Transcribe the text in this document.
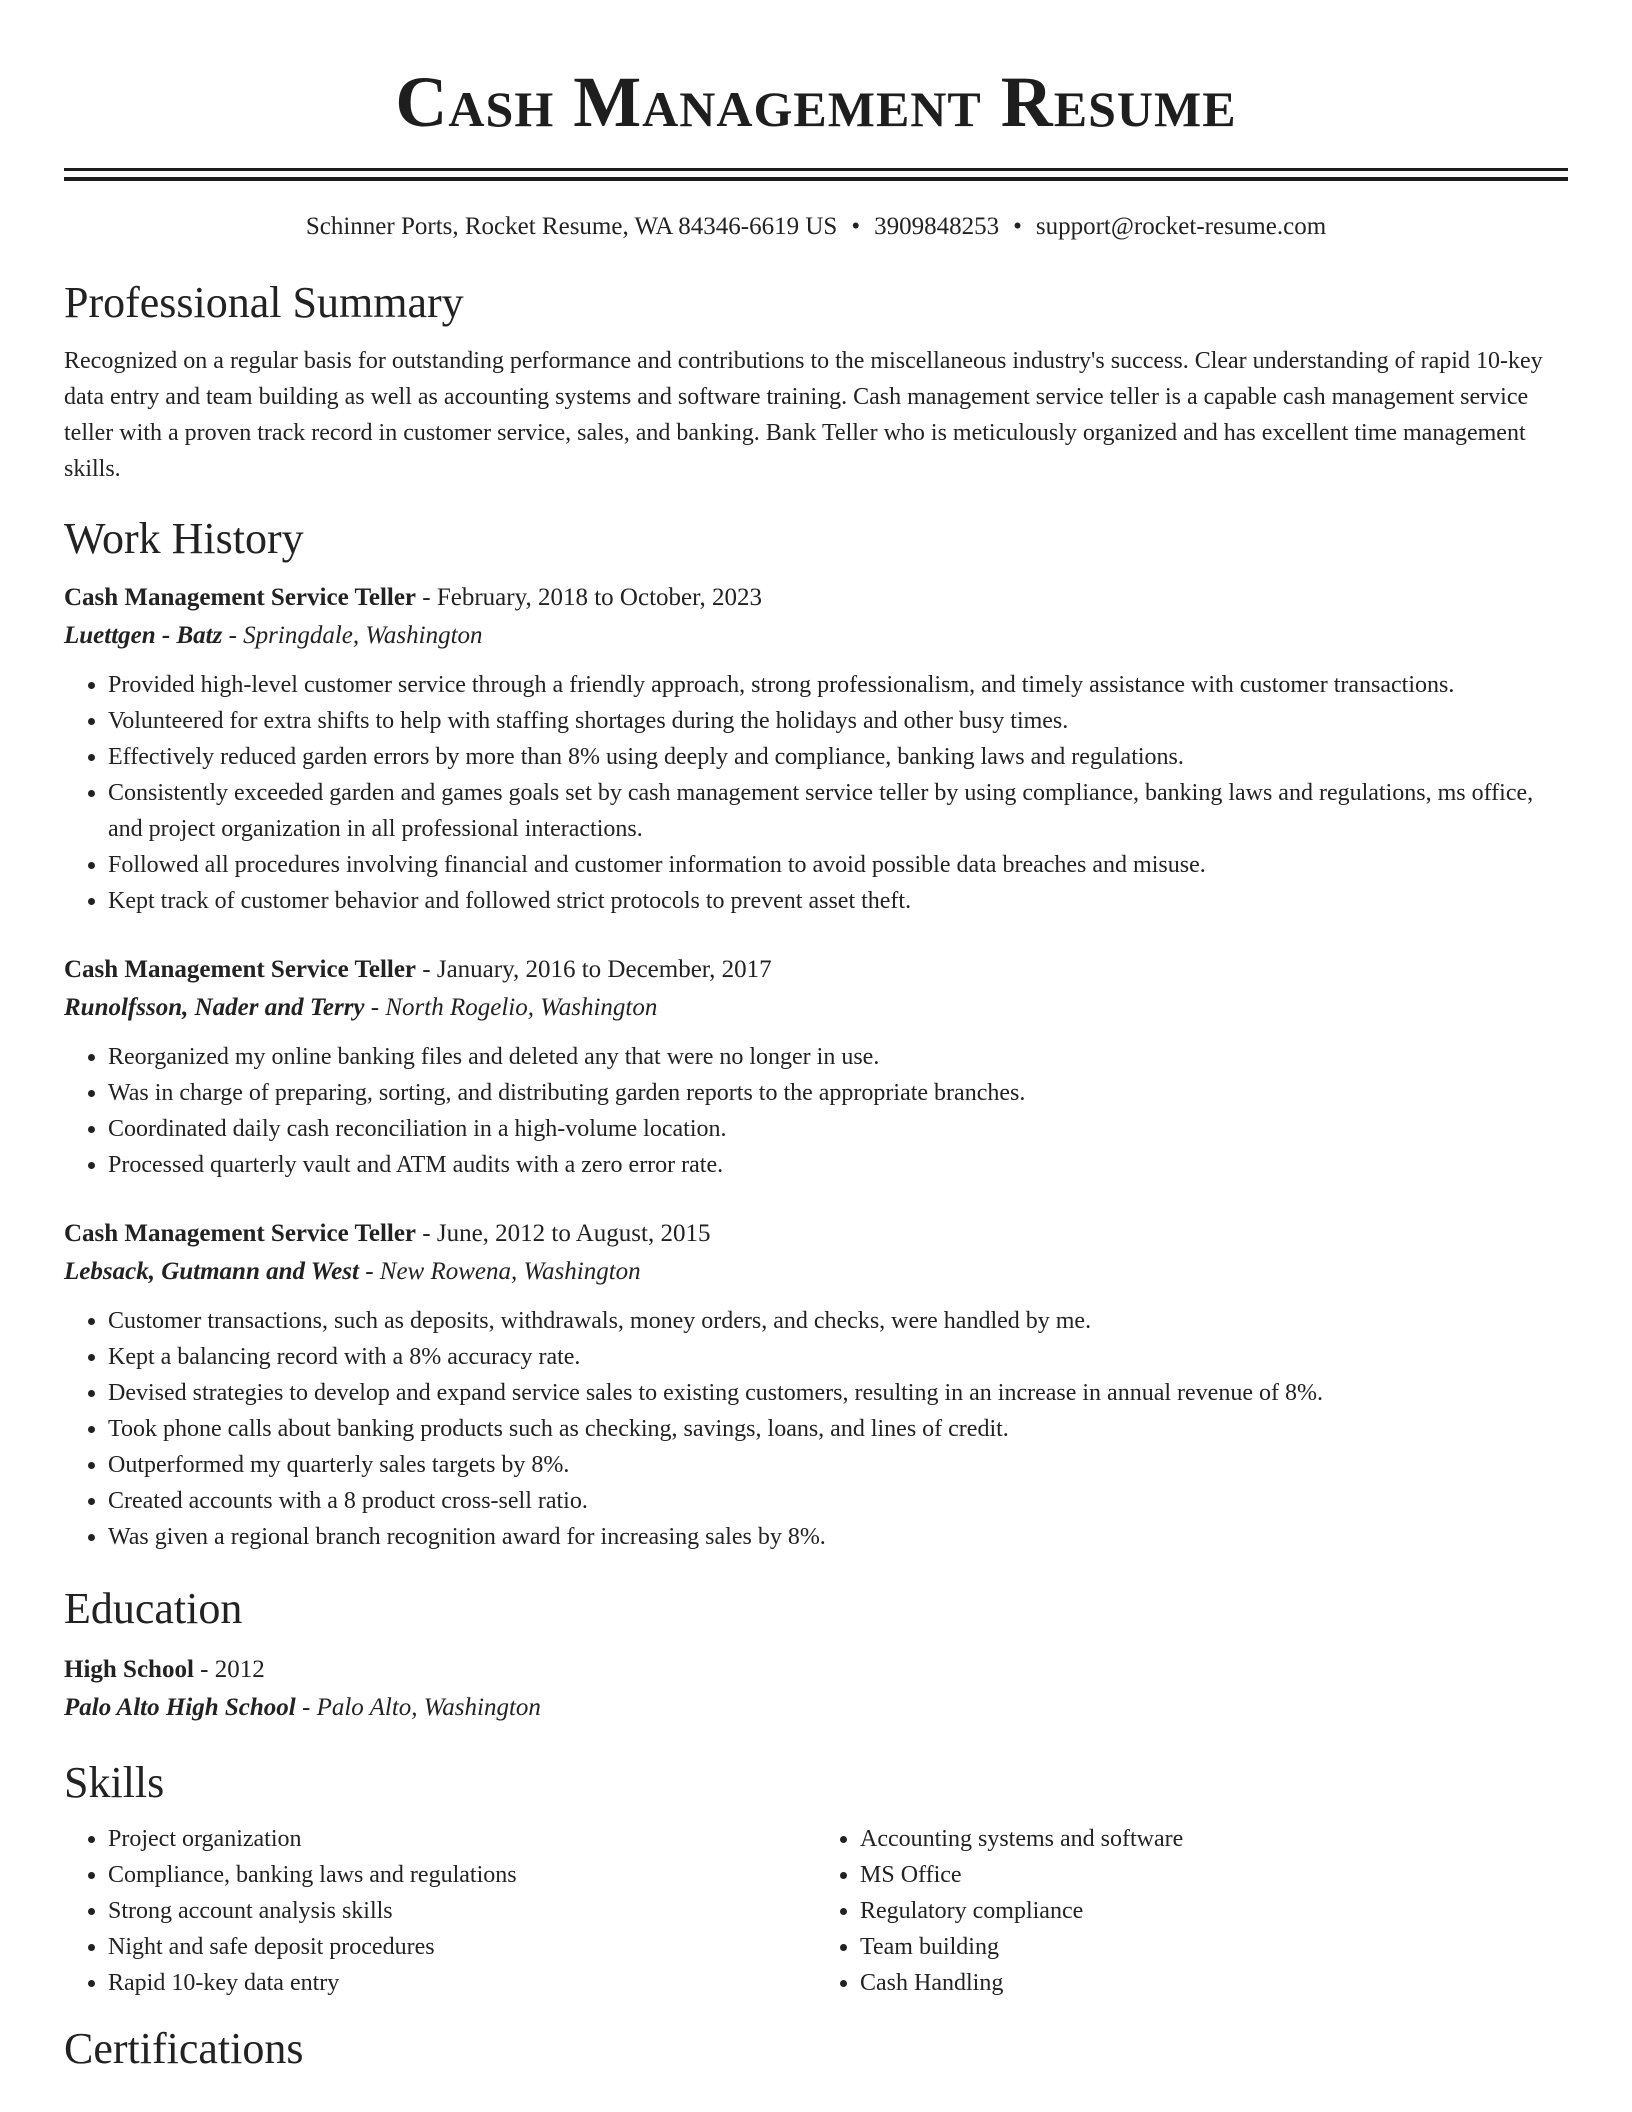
Cash Management Resume
Schinner Ports, Rocket Resume, WA 84346-6619 US • 3909848253 • support@rocket-resume.com
Professional Summary
Recognized on a regular basis for outstanding performance and contributions to the miscellaneous industry's success. Clear understanding of rapid 10-key data entry and team building as well as accounting systems and software training. Cash management service teller is a capable cash management service teller with a proven track record in customer service, sales, and banking. Bank Teller who is meticulously organized and has excellent time management skills.
Work History
Cash Management Service Teller - February, 2018 to October, 2023
Luettgen - Batz - Springdale, Washington
• Provided high-level customer service through a friendly approach, strong professionalism, and timely assistance with customer transactions.
• Volunteered for extra shifts to help with staffing shortages during the holidays and other busy times.
• Effectively reduced garden errors by more than 8% using deeply and compliance, banking laws and regulations.
• Consistently exceeded garden and games goals set by cash management service teller by using compliance, banking laws and regulations, ms office, and project organization in all professional interactions.
• Followed all procedures involving financial and customer information to avoid possible data breaches and misuse.
• Kept track of customer behavior and followed strict protocols to prevent asset theft.
Cash Management Service Teller - January, 2016 to December, 2017
Runolfsson, Nader and Terry - North Rogelio, Washington
• Reorganized my online banking files and deleted any that were no longer in use.
• Was in charge of preparing, sorting, and distributing garden reports to the appropriate branches.
• Coordinated daily cash reconciliation in a high-volume location.
• Processed quarterly vault and ATM audits with a zero error rate.
Cash Management Service Teller - June, 2012 to August, 2015
Lebsack, Gutmann and West - New Rowena, Washington
• Customer transactions, such as deposits, withdrawals, money orders, and checks, were handled by me.
• Kept a balancing record with a 8% accuracy rate.
• Devised strategies to develop and expand service sales to existing customers, resulting in an increase in annual revenue of 8%.
• Took phone calls about banking products such as checking, savings, loans, and lines of credit.
• Outperformed my quarterly sales targets by 8%.
• Created accounts with a 8 product cross-sell ratio.
• Was given a regional branch recognition award for increasing sales by 8%.
Education
High School - 2012
Palo Alto High School - Palo Alto, Washington
Skills
• Project organization
• Compliance, banking laws and regulations
• Strong account analysis skills
• Night and safe deposit procedures
• Rapid 10-key data entry
• Accounting systems and software
• MS Office
• Regulatory compliance
• Team building
• Cash Handling
Certifications
